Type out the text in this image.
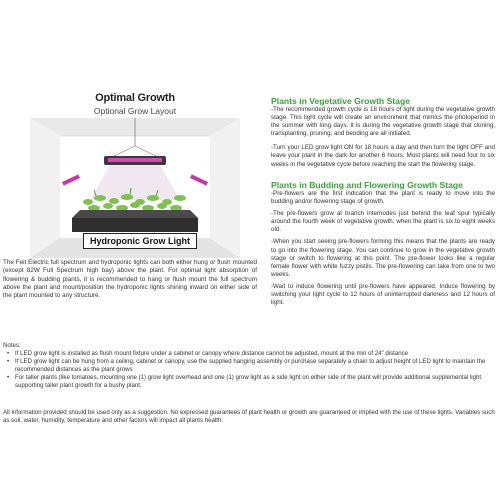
Optimal Growth
Optional Grow Layout
Hydroponic Grow Light
The Feit Electric full spectrum and hydroponic lights can both either hung or flush mounted (except 82W Full Spectrum high bay) above the plant. For optimal light absorption of flowering & budding plants, it is recommended to hang or flush mount the full spectrum above the plant and mount/position the hydroponic lights shining inward on either side of the plant mounted to any structure.
Plants in Vegetative Growth Stage

-The recommended growth cycle is 18 hours of light during the vegetative growth stage. This light cycle will create an environment that mimics the photoperiod in the summer with long days. It is during the vegetative growth stage that cloning, transplanting, pruning, and bending are all initiated.

-Turn your LED grow light ON for 18 hours a day and then turn the light OFF and leave your plant in the dark for another 6 hours. Most plants will need four to six weeks in the vegetative cycle before reaching the start the flowering stage.

Plants in Budding and Flowering Growth Stage

-Pre-flowers are the first indication that the plant is ready to move into the budding and/or flowering stage of growth.

-The pre-flowers grow at branch internodes just behind the leaf spur typically around the fourth week of vegetative growth, when the plant is six to eight weeks old.

-When you start seeing pre-flowers forming this means that the plants are ready to go into the flowering stage. You can continue to grow in the vegetative growth stage or switch to flowering at this point. The pre-flower looks like a regular female flower with white fuzzy pistils. The pre-flowering can take from one to two weeks.

-Wait to induce flowering until pre-flowers have appeared. Induce flowering by switching your light cycle to 12 hours of uninterrupted darkness and 12 hours of light.

Notes:
• If LED grow light is installed as flush mount fixture under a cabinet or canopy where distance cannot be adjusted, mount at the min of 24" distance
• If LED grow light can be hung from a ceiling, cabinet or canopy, use the supplied hanging assembly or purchase separately a chain to adjust height of LED light to maintain the recommended distances as the plant grows
• For taller plants (like tomatoes, mounting one (1) grow light overhead and one (1) grow light as a side light on either side of the plant will provide additional supplemental light supporting taller plant growth for a bushy plant.
All information provided should be used only as a suggestion. No expressed guarantees of plant health or growth are guaranteed or implied with the use of these lights. Variables such as soil, water, humidity, temperature and other factors will impact all plants health.
